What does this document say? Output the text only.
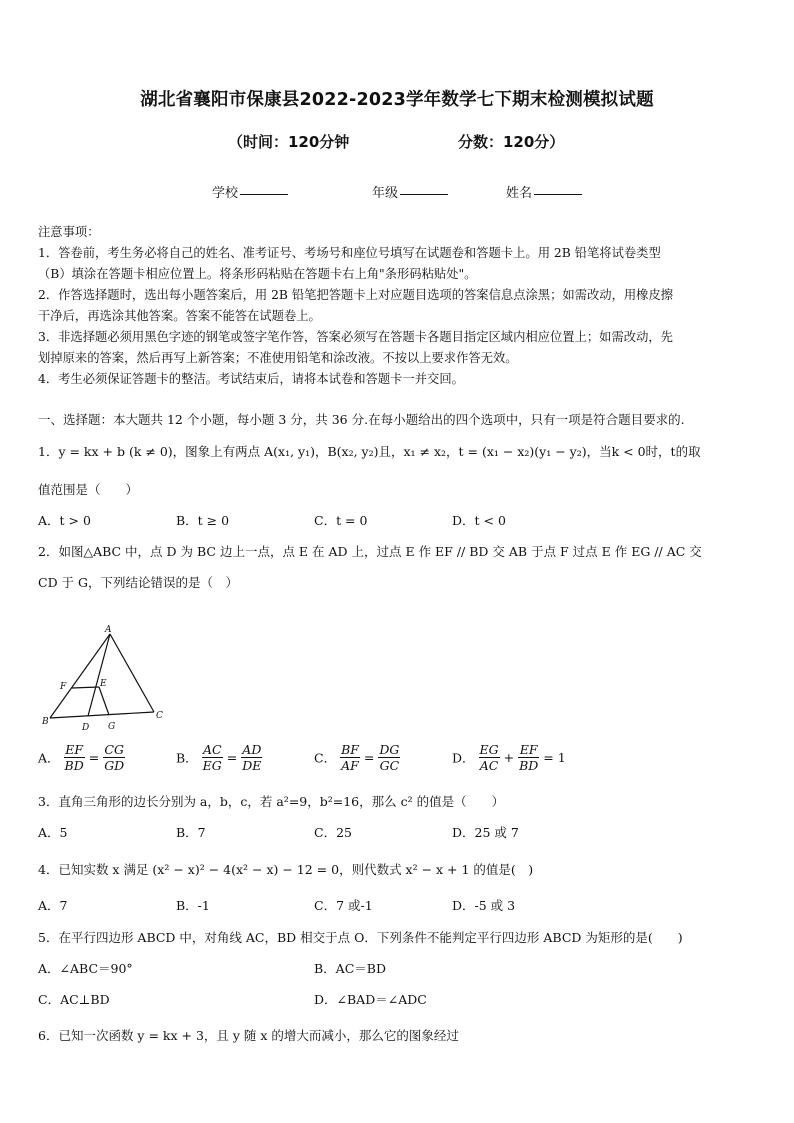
湖北省襄阳市保康县2022-2023学年数学七下期末检测模拟试题
（时间：120分钟	分数：120分）
学校	年级	姓名
注意事项：
1．答卷前，考生务必将自己的姓名、准考证号、考场号和座位号填写在试题卷和答题卡上。用 2B 铅笔将试卷类型
（B）填涂在答题卡相应位置上。将条形码粘贴在答题卡右上角"条形码粘贴处"。
2．作答选择题时，选出每小题答案后，用 2B 铅笔把答题卡上对应题目选项的答案信息点涂黑；如需改动，用橡皮擦
干净后，再选涂其他答案。答案不能答在试题卷上。
3．非选择题必须用黑色字迹的钢笔或签字笔作答，答案必须写在答题卡各题目指定区域内相应位置上；如需改动，先
划掉原来的答案，然后再写上新答案；不准使用铅笔和涂改液。不按以上要求作答无效。
4．考生必须保证答题卡的整洁。考试结束后，请将本试卷和答题卡一并交回。
一、选择题：本大题共 12 个小题，每小题 3 分，共 36 分.在每小题给出的四个选项中，只有一项是符合题目要求的.
1．y = kx + b (k ≠ 0)，图象上有两点 A(x₁, y₁)，B(x₂, y₂)且，x₁ ≠ x₂，t = (x₁ − x₂)(y₁ − y₂)，当k < 0时，t的取
值范围是（　　）
A．t > 0	B．t ≥ 0	C．t = 0	D．t < 0
2．如图△ABC 中，点 D 为 BC 边上一点，点 E 在 AD 上，过点 E 作 EF // BD 交 AB 于点 F 过点 E 作 EG // AC 交
CD 于 G，下列结论错误的是（　）
A
B
C
D
E
F
G
A． $\frac{EF}{BD} = \frac{CG}{GD}$	B． $\frac{AC}{EG} = \frac{AD}{DE}$	C． $\frac{BF}{AF} = \frac{DG}{GC}$	D． $\frac{EG}{AC} + \frac{EF}{BD} = 1$
3．直角三角形的边长分别为 a，b，c，若 a²=9，b²=16，那么 c² 的值是（　　）
A．5	B．7	C．25	D．25 或 7
4．已知实数 x 满足 (x² − x)² − 4(x² − x) − 12 = 0，则代数式 x² − x + 1 的值是(　)
A．7	B．-1	C．7 或-1	D．-5 或 3
5．在平行四边形 ABCD 中，对角线 AC，BD 相交于点 O．下列条件不能判定平行四边形 ABCD 为矩形的是(　　)
A．∠ABC＝90°	B．AC＝BD
C．AC⊥BD	D．∠BAD＝∠ADC
6．已知一次函数 y = kx + 3，且 y 随 x 的增大而减小，那么它的图象经过
